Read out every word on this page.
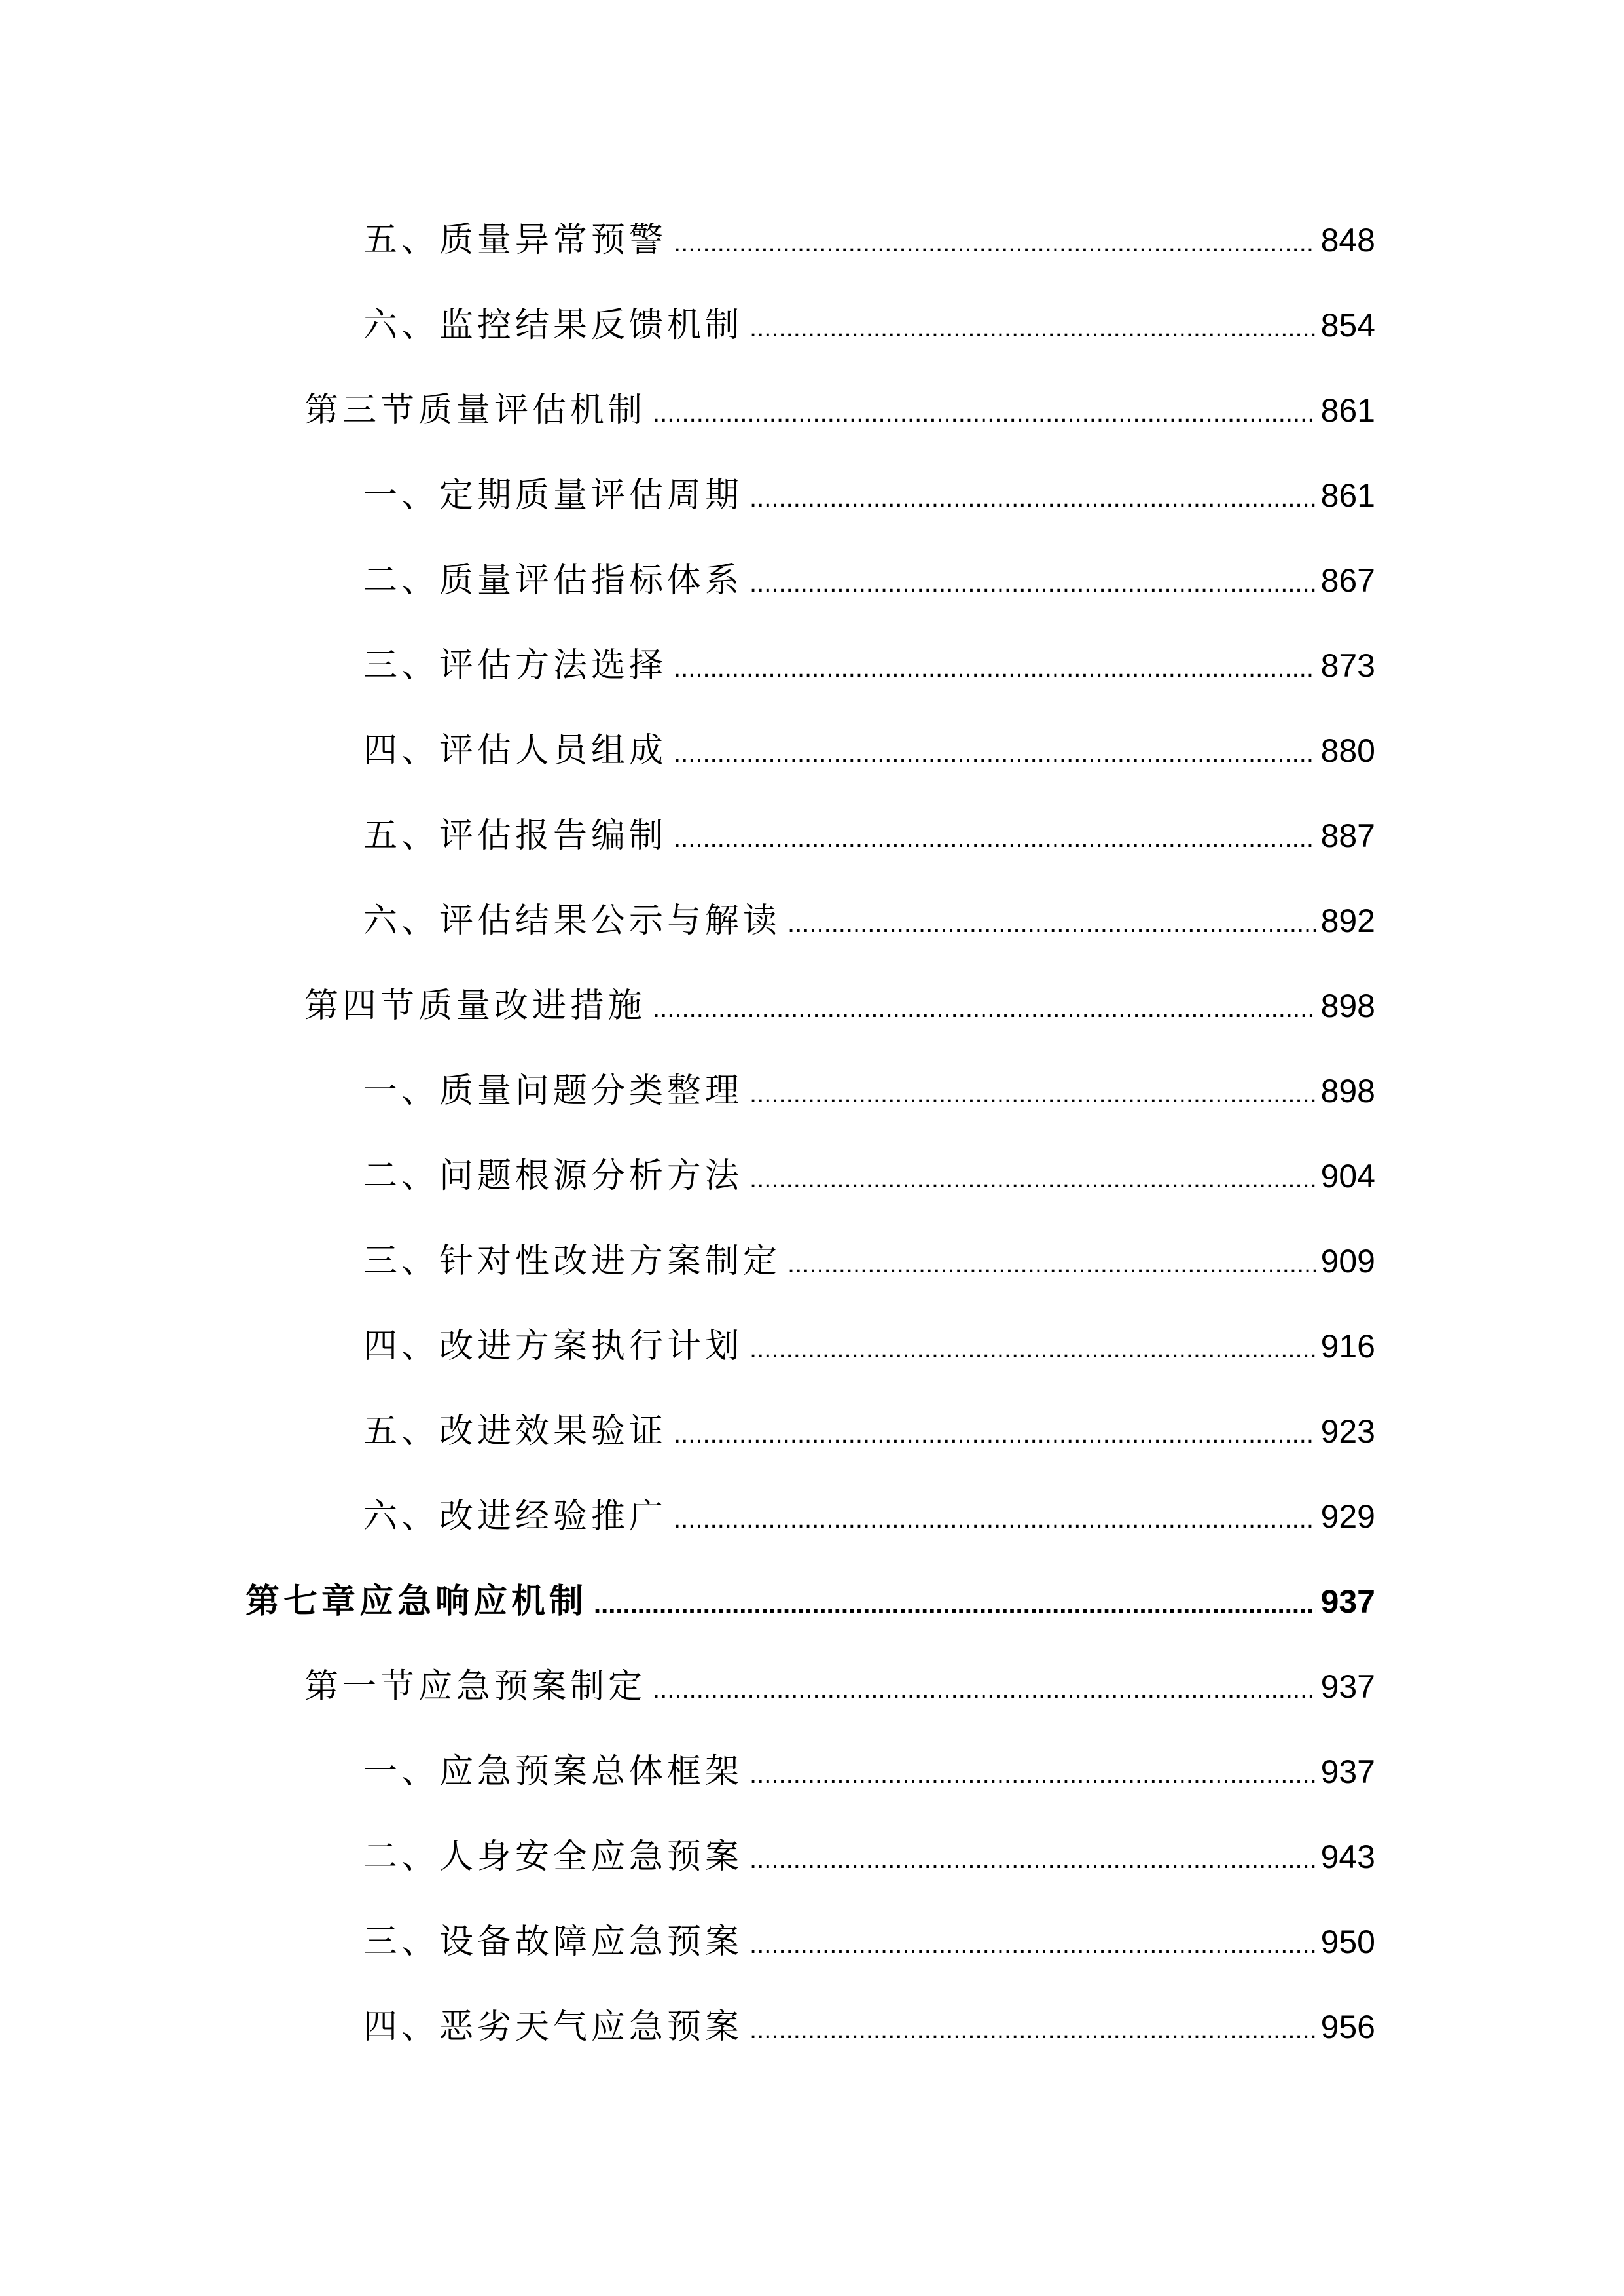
五、质量异常预警 .....	848
六、监控结果反馈机制 .....	854
第三节质量评估机制 .....	861
一、定期质量评估周期 .....	861
二、质量评估指标体系 .....	867
三、评估方法选择 .....	873
四、评估人员组成 .....	880
五、评估报告编制 .....	887
六、评估结果公示与解读 .....	892
第四节质量改进措施 .....	898
一、质量问题分类整理 .....	898
二、问题根源分析方法 .....	904
三、针对性改进方案制定 .....	909
四、改进方案执行计划 .....	916
五、改进效果验证 .....	923
六、改进经验推广 .....	929
第七章应急响应机制 .....	937
第一节应急预案制定 .....	937
一、应急预案总体框架 .....	937
二、人身安全应急预案 .....	943
三、设备故障应急预案 .....	950
四、恶劣天气应急预案 .....	956
